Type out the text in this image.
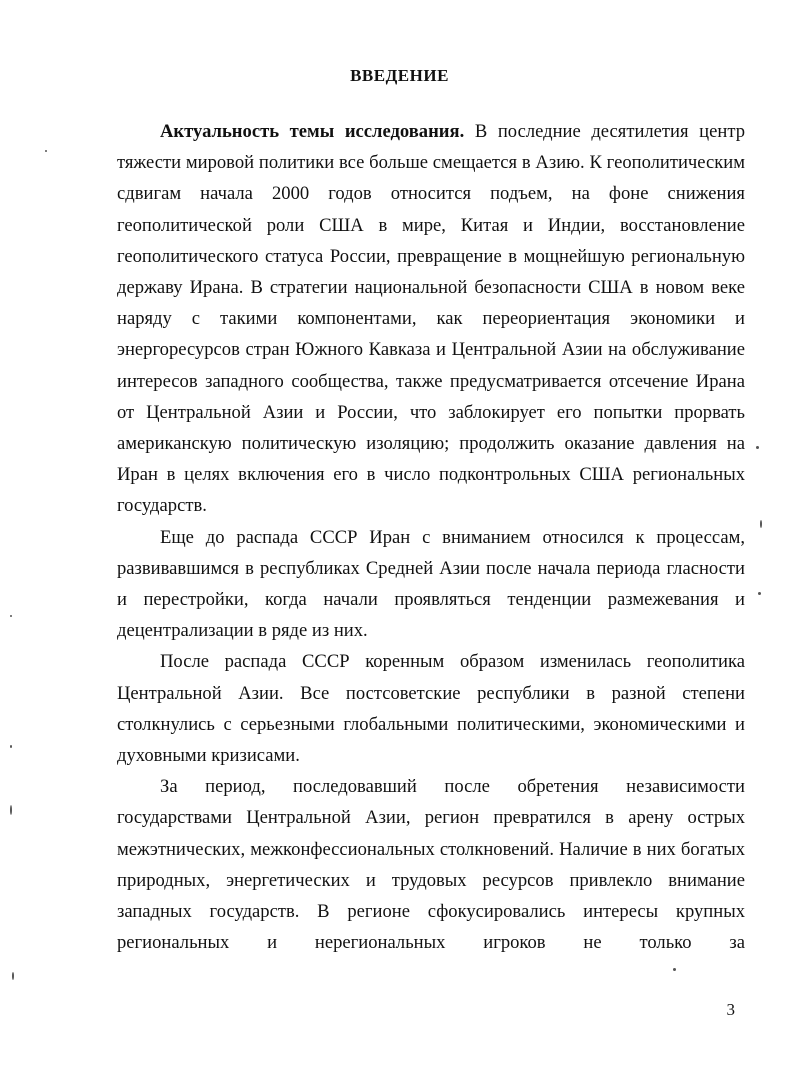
ВВЕДЕНИЕ

Актуальность темы исследования. В последние десятилетия центр тяжести мировой политики все больше смещается в Азию. К геополитическим сдвигам начала 2000 годов относится подъем, на фоне снижения геополитической роли США в мире, Китая и Индии, восстановление геополитического статуса России, превращение в мощнейшую региональную державу Ирана. В стратегии национальной безопасности США в новом веке наряду с такими компонентами, как переориентация экономики и энергоресурсов стран Южного Кавказа и Центральной Азии на обслуживание интересов западного сообщества, также предусматривается отсечение Ирана от Центральной Азии и России, что заблокирует его попытки прорвать американскую политическую изоляцию; продолжить оказание давления на Иран в целях включения его в число подконтрольных США региональных государств.

Еще до распада СССР Иран с вниманием относился к процессам, развивавшимся в республиках Средней Азии после начала периода гласности и перестройки, когда начали проявляться тенденции размежевания и децентрализации в ряде из них.

После распада СССР коренным образом изменилась геополитика Центральной Азии. Все постсоветские республики в разной степени столкнулись с серьезными глобальными политическими, экономическими и духовными кризисами.

За период, последовавший после обретения независимости государствами Центральной Азии, регион превратился в арену острых межэтнических, межконфессиональных столкновений. Наличие в них богатых природных, энергетических и трудовых ресурсов привлекло внимание западных государств. В регионе сфокусировались интересы крупных региональных и нерегиональных игроков не только за

3
